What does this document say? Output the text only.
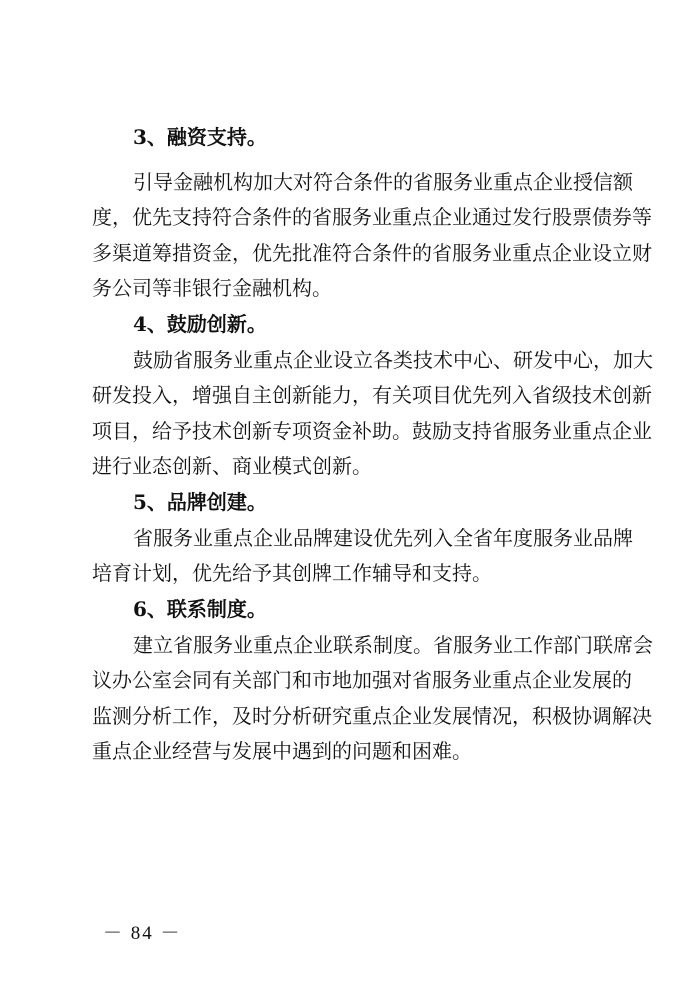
3、融资支持。
引导金融机构加大对符合条件的省服务业重点企业授信额
度，优先支持符合条件的省服务业重点企业通过发行股票债券等
多渠道筹措资金，优先批准符合条件的省服务业重点企业设立财
务公司等非银行金融机构。
4、鼓励创新。
鼓励省服务业重点企业设立各类技术中心、研发中心，加大
研发投入，增强自主创新能力，有关项目优先列入省级技术创新
项目，给予技术创新专项资金补助。鼓励支持省服务业重点企业
进行业态创新、商业模式创新。
5、品牌创建。
省服务业重点企业品牌建设优先列入全省年度服务业品牌
培育计划，优先给予其创牌工作辅导和支持。
6、联系制度。
建立省服务业重点企业联系制度。省服务业工作部门联席会
议办公室会同有关部门和市地加强对省服务业重点企业发展的
监测分析工作，及时分析研究重点企业发展情况，积极协调解决
重点企业经营与发展中遇到的问题和困难。
－ 84 －
